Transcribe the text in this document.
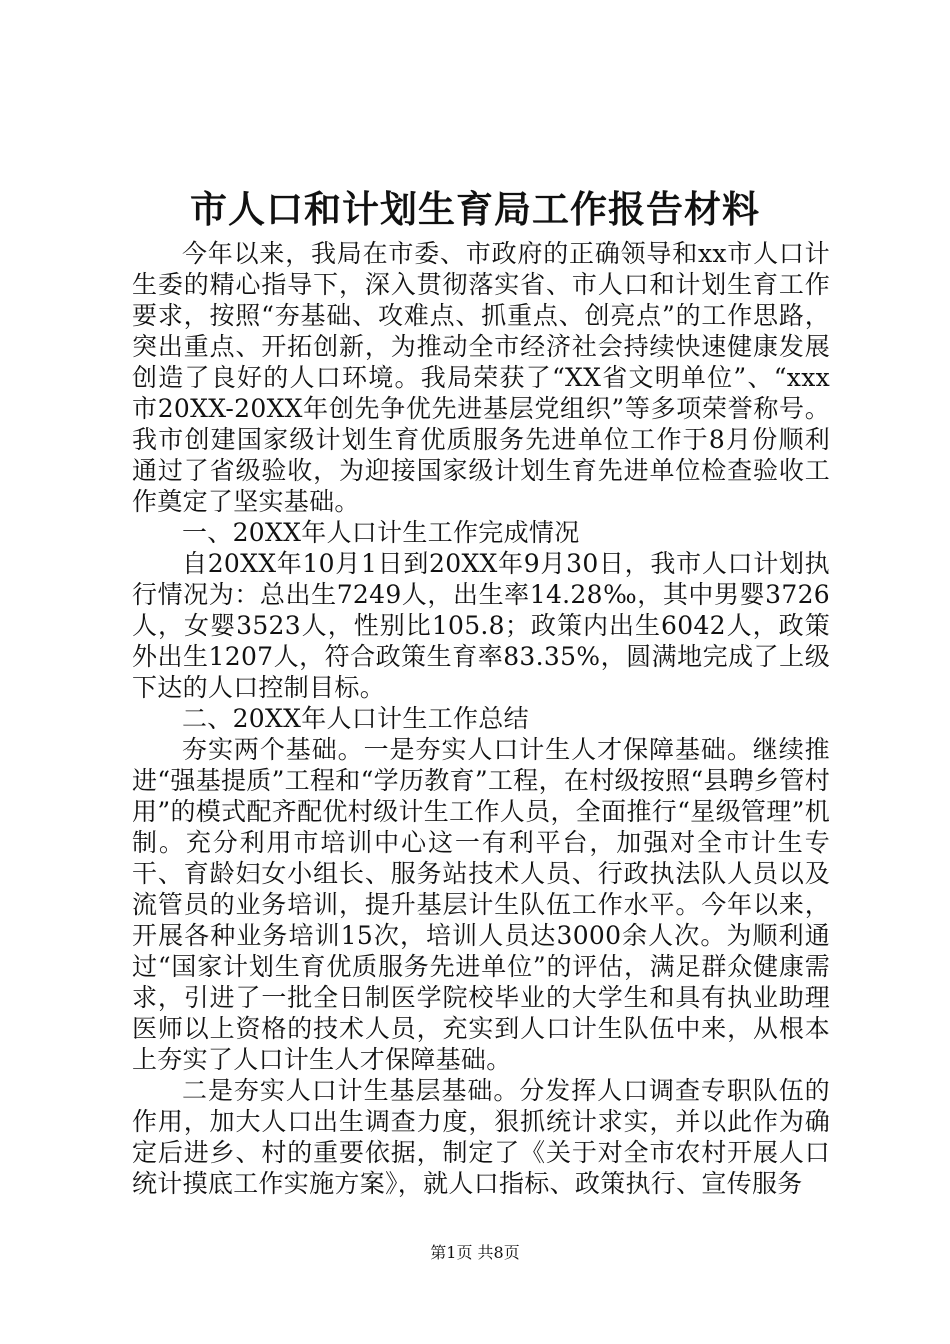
市人口和计划生育局工作报告材料

今年以来，我局在市委、市政府的正确领导和xx市人口计生委的精心指导下，深入贯彻落实省、市人口和计划生育工作要求，按照“夯基础、攻难点、抓重点、创亮点”的工作思路，突出重点、开拓创新，为推动全市经济社会持续快速健康发展创造了良好的人口环境。我局荣获了“XX省文明单位”、“xxx市20XX-20XX年创先争优先进基层党组织”等多项荣誉称号。我市创建国家级计划生育优质服务先进单位工作于8月份顺利通过了省级验收，为迎接国家级计划生育先进单位检查验收工作奠定了坚实基础。

一、20XX年人口计生工作完成情况

自20XX年10月1日到20XX年9月30日，我市人口计划执行情况为：总出生7249人，出生率14.28‰，其中男婴3726人，女婴3523人，性别比105.8；政策内出生6042人，政策外出生1207人，符合政策生育率83.35%，圆满地完成了上级下达的人口控制目标。

二、20XX年人口计生工作总结

夯实两个基础。一是夯实人口计生人才保障基础。继续推进“强基提质”工程和“学历教育”工程，在村级按照“县聘乡管村用”的模式配齐配优村级计生工作人员，全面推行“星级管理”机制。充分利用市培训中心这一有利平台，加强对全市计生专干、育龄妇女小组长、服务站技术人员、行政执法队人员以及流管员的业务培训，提升基层计生队伍工作水平。今年以来，开展各种业务培训15次，培训人员达3000余人次。为顺利通过“国家计划生育优质服务先进单位”的评估，满足群众健康需求，引进了一批全日制医学院校毕业的大学生和具有执业助理医师以上资格的技术人员，充实到人口计生队伍中来，从根本上夯实了人口计生人才保障基础。

二是夯实人口计生基层基础。分发挥人口调查专职队伍的作用，加大人口出生调查力度，狠抓统计求实，并以此作为确定后进乡、村的重要依据，制定了《关于对全市农村开展人口统计摸底工作实施方案》，就人口指标、政策执行、宣传服务

第1页 共8页
